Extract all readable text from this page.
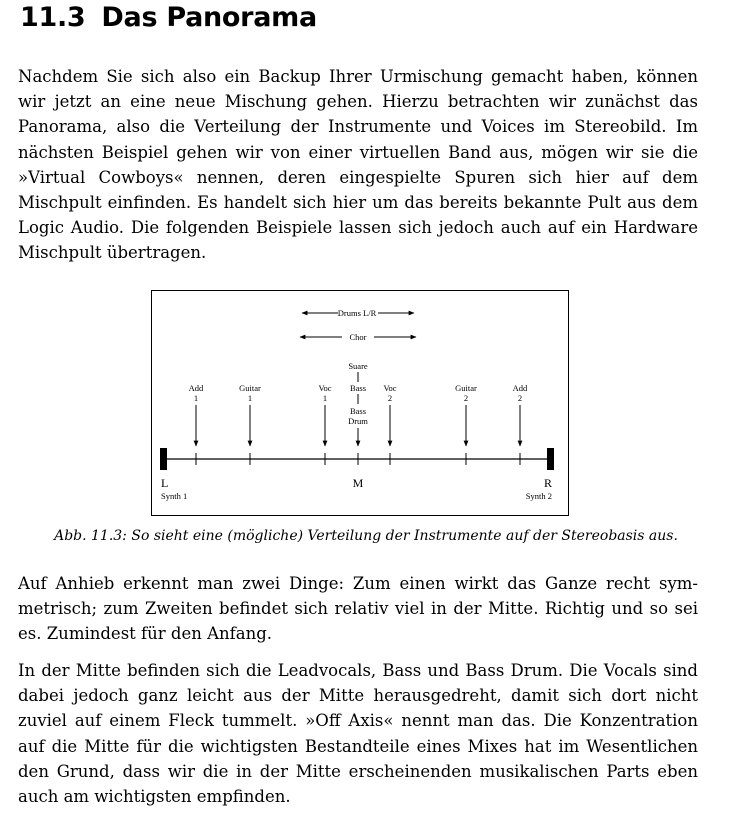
11.3 Das Panorama

Nachdem Sie sich also ein Backup Ihrer Urmischung gemacht haben, können wir jetzt an eine neue Mischung gehen. Hierzu betrachten wir zunächst das Panorama, also die Verteilung der Instrumente und Voices im Stereobild. Im nächsten Beispiel gehen wir von einer virtuellen Band aus, mögen wir sie die »Virtual Cowboys« nennen, deren eingespielte Spuren sich hier auf dem Mischpult einfinden. Es handelt sich hier um das bereits bekannte Pult aus dem Logic Audio. Die folgenden Beispiele lassen sich jedoch auch auf ein Hardware Mischpult übertragen.

Drums L/R
Chor
Add
1
Guitar
1
Voc
1
Suare
Bass
Bass
Drum
Voc
2
Guitar
2
Add
2
L
Synth 1
M	R
Synth 2

Abb. 11.3: So sieht eine (mögliche) Verteilung der Instrumente auf der Stereobasis aus.

Auf Anhieb erkennt man zwei Dinge: Zum einen wirkt das Ganze recht symmetrisch; zum Zweiten befindet sich relativ viel in der Mitte. Richtig und so sei es. Zumindest für den Anfang.

In der Mitte befinden sich die Leadvocals, Bass und Bass Drum. Die Vocals sind dabei jedoch ganz leicht aus der Mitte herausgedreht, damit sich dort nicht zuviel auf einem Fleck tummelt. »Off Axis« nennt man das. Die Konzentration auf die Mitte für die wichtigsten Bestandteile eines Mixes hat im Wesentlichen den Grund, dass wir die in der Mitte erscheinenden musikalischen Parts eben auch am wichtigsten empfinden.
